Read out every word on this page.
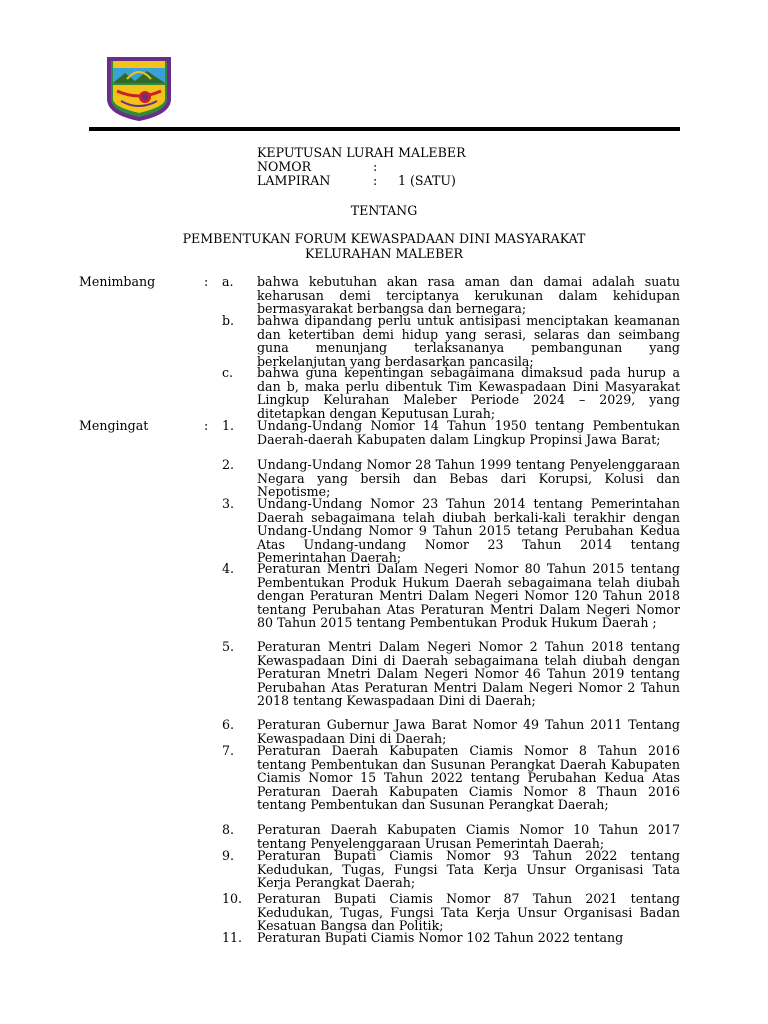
KEPUTUSAN LURAH MALEBER
NOMOR	:
LAMPIRAN	:	1 (SATU)
TENTANG
PEMBENTUKAN FORUM KEWASPADAAN DINI MASYARAKAT
KELURAHAN MALEBER
Menimbang	: a.	bahwa kebutuhan akan rasa aman dan damai adalah suatu keharusan demi terciptanya kerukunan dalam kehidupan bermasyarakat berbangsa dan bernegara;
b.	bahwa dipandang perlu untuk antisipasi menciptakan keamanan dan ketertiban demi hidup yang serasi, selaras dan seimbang guna menunjang terlaksananya pembangunan yang berkelanjutan yang berdasarkan pancasila;
c.	bahwa guna kepentingan sebagaimana dimaksud pada hurup a dan b, maka perlu dibentuk Tim Kewaspadaan Dini Masyarakat Lingkup Kelurahan Maleber Periode 2024 – 2029, yang ditetapkan dengan Keputusan Lurah;
Mengingat	: 1.	Undang-Undang Nomor 14 Tahun 1950 tentang Pembentukan Daerah-daerah Kabupaten dalam Lingkup Propinsi Jawa Barat;
2.	Undang-Undang Nomor 28 Tahun 1999 tentang Penyelenggaraan Negara yang bersih dan Bebas dari Korupsi, Kolusi dan Nepotisme;
3.	Undang-Undang Nomor 23 Tahun 2014 tentang Pemerintahan Daerah sebagaimana telah diubah berkali-kali terakhir dengan Undang-Undang Nomor 9 Tahun 2015 tetang Perubahan Kedua Atas Undang-undang Nomor 23 Tahun 2014 tentang Pemerintahan Daerah;
4.	Peraturan Mentri Dalam Negeri Nomor 80 Tahun 2015 tentang Pembentukan Produk Hukum Daerah sebagaimana telah diubah dengan Peraturan Mentri Dalam Negeri Nomor 120 Tahun 2018 tentang Perubahan Atas Peraturan Mentri Dalam Negeri Nomor 80 Tahun 2015 tentang Pembentukan Produk Hukum Daerah ;
5.	Peraturan Mentri Dalam Negeri Nomor 2 Tahun 2018 tentang Kewaspadaan Dini di Daerah sebagaimana telah diubah dengan Peraturan Mnetri Dalam Negeri Nomor 46 Tahun 2019 tentang Perubahan Atas Peraturan Mentri Dalam Negeri Nomor 2 Tahun 2018 tentang Kewaspadaan Dini di Daerah;
6.	Peraturan Gubernur Jawa Barat Nomor 49 Tahun 2011 Tentang Kewaspadaan Dini di Daerah;
7.	Peraturan Daerah Kabupaten Ciamis Nomor 8 Tahun 2016 tentang Pembentukan dan Susunan Perangkat Daerah Kabupaten Ciamis Nomor 15 Tahun 2022 tentang Perubahan Kedua Atas Peraturan Daerah Kabupaten Ciamis Nomor 8 Thaun 2016 tentang Pembentukan dan Susunan Perangkat Daerah;
8.	Peraturan Daerah Kabupaten Ciamis Nomor 10 Tahun 2017 tentang Penyelenggaraan Urusan Pemerintah Daerah;
9.	Peraturan Bupati Ciamis Nomor 93 Tahun 2022 tentang Kedudukan, Tugas, Fungsi Tata Kerja Unsur Organisasi Tata Kerja Perangkat Daerah;
10.	Peraturan Bupati Ciamis Nomor 87 Tahun 2021 tentang Kedudukan, Tugas, Fungsi Tata Kerja Unsur Organisasi Badan Kesatuan Bangsa dan Politik;
11.	Peraturan Bupati Ciamis Nomor 102 Tahun 2022 tentang
